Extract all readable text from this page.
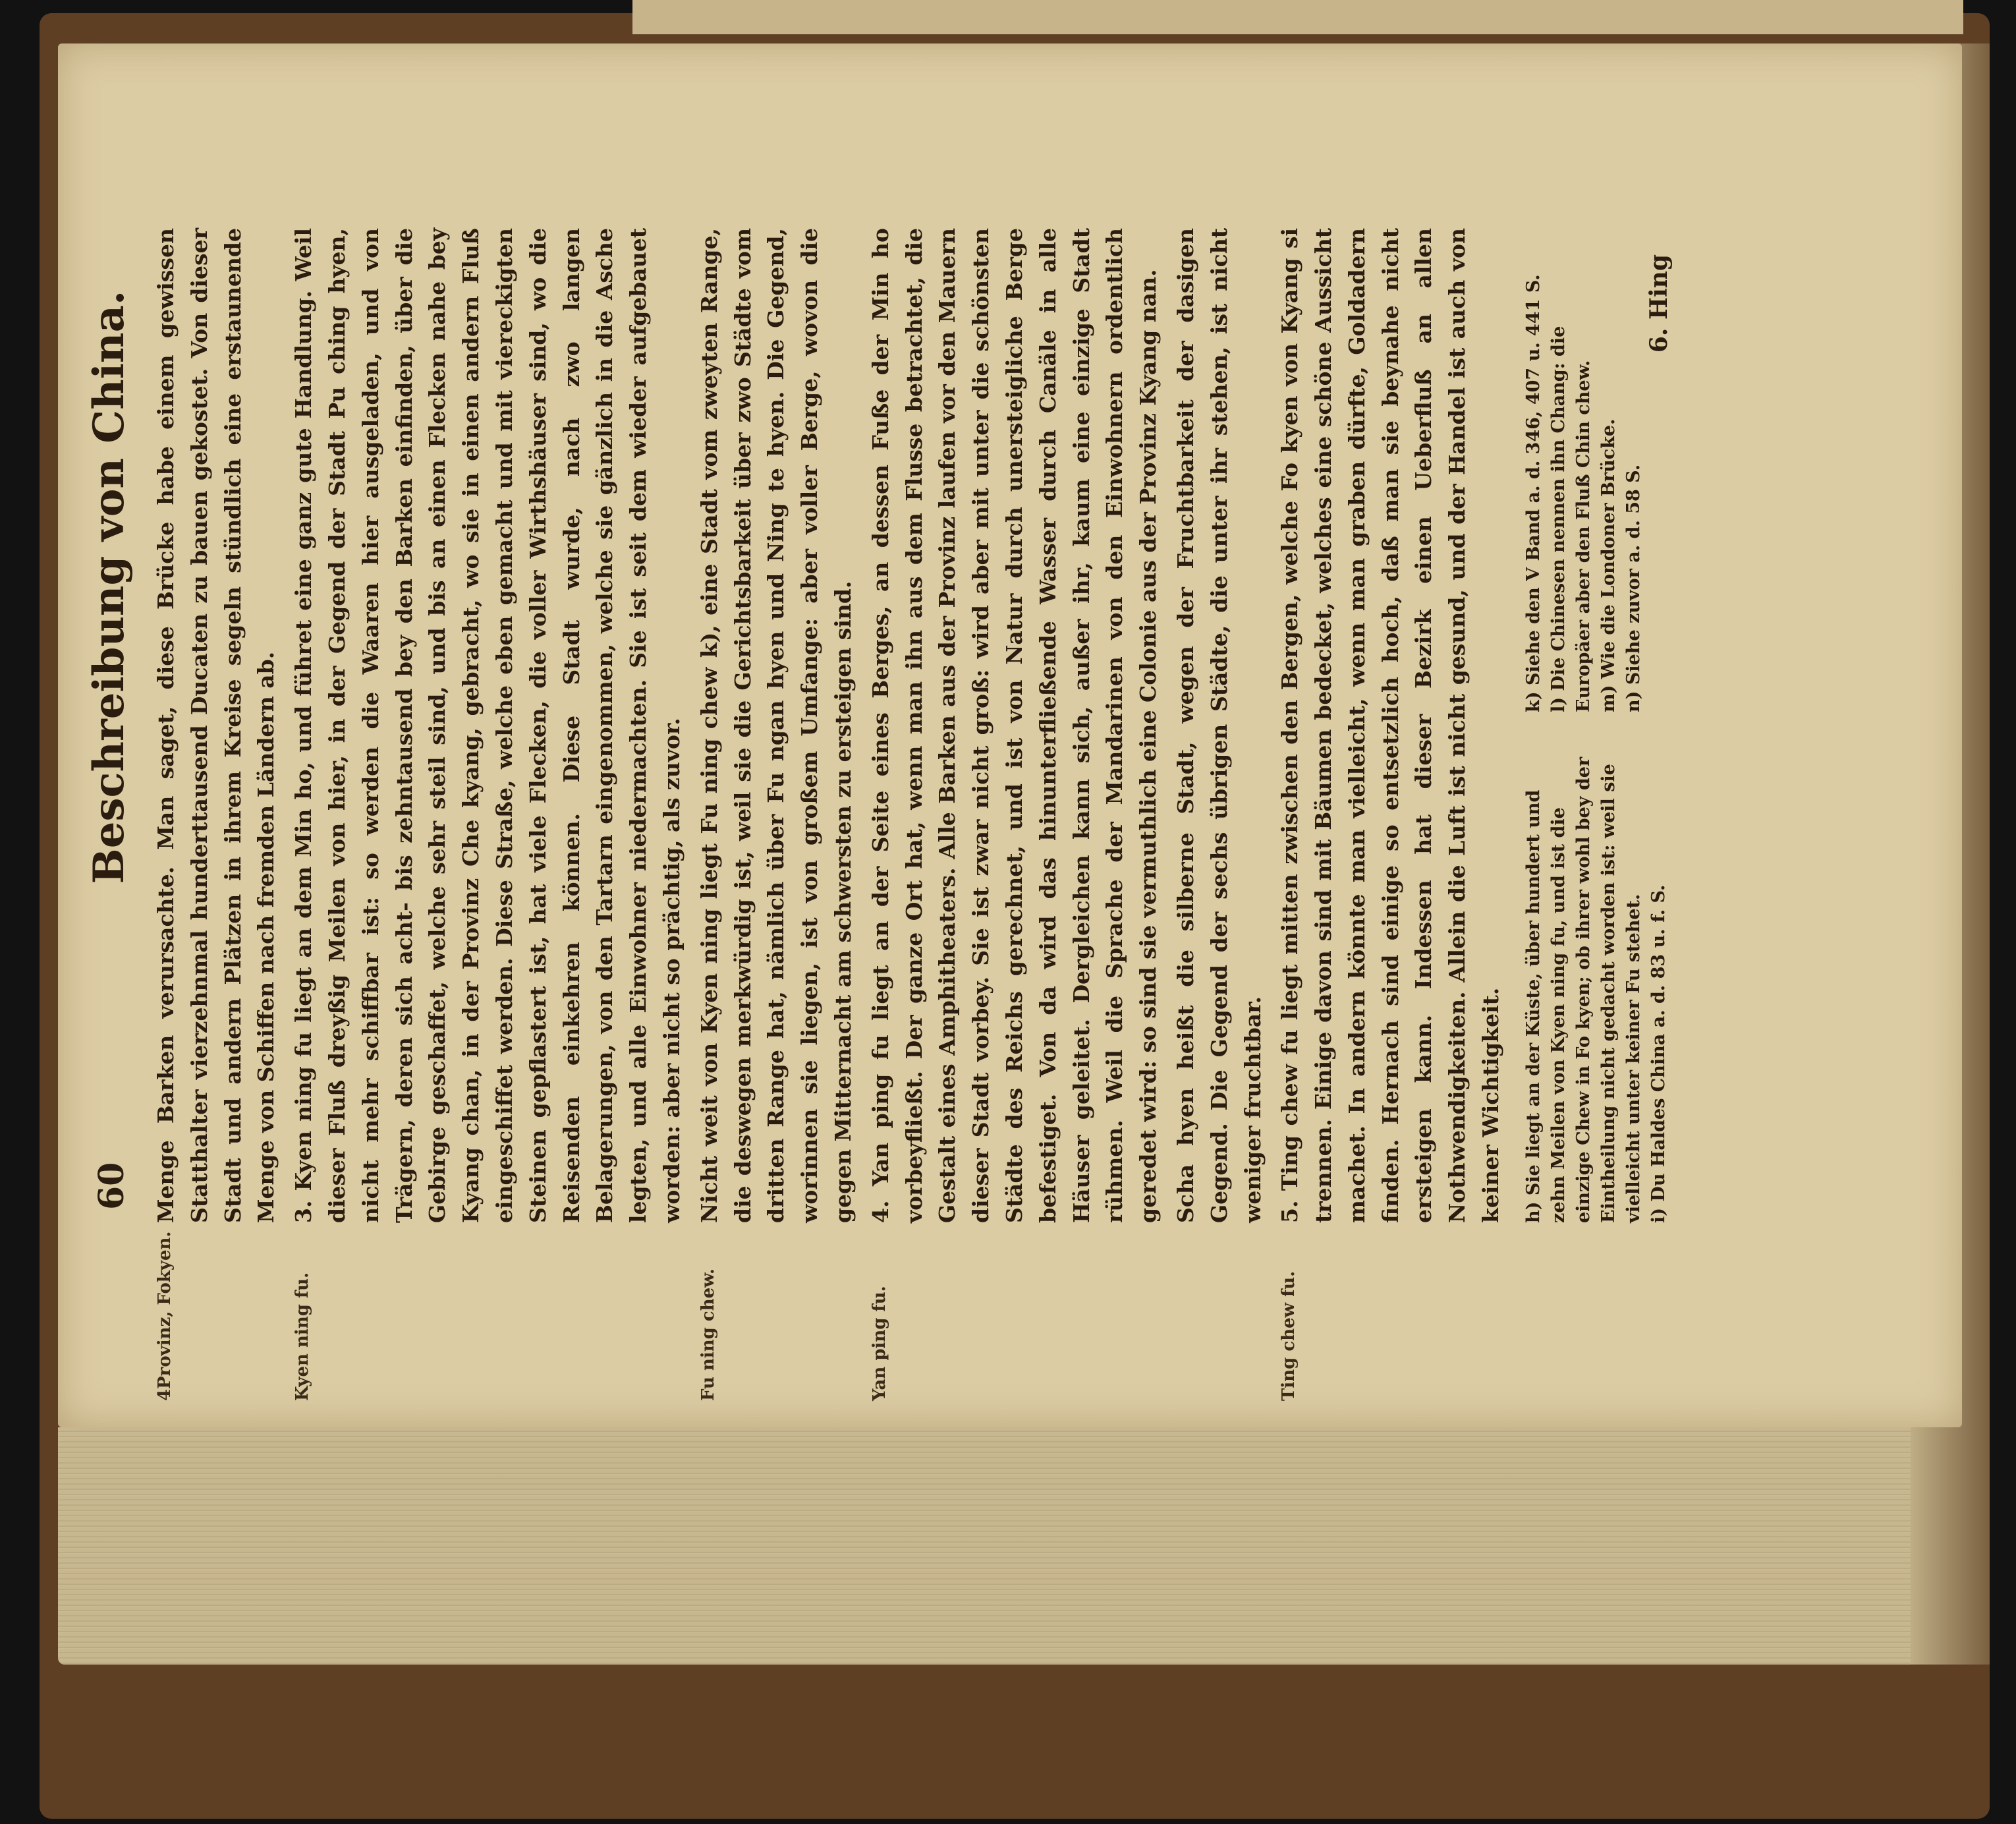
60
Beschreibung von China.
4Provinz, Fokyen.
Menge Barken verursachte. Man saget, diese Brücke habe einem gewissen Statthalter vierzehnmal hunderttausend Ducaten zu bauen gekostet. Von dieser Stadt und andern Plätzen in ihrem Kreise segeln stündlich eine erstaunende Menge von Schiffen nach fremden Ländern ab.
Kyen ning fu.
3. Kyen ning fu liegt an dem Min ho, und führet eine ganz gute Handlung. Weil dieser Fluß dreyßig Meilen von hier, in der Gegend der Stadt Pu ching hyen, nicht mehr schiffbar ist: so werden die Waaren hier ausgeladen, und von Trägern, deren sich acht- bis zehntausend bey den Barken einfinden, über die Gebirge geschaffet, welche sehr steil sind, und bis an einen Flecken nahe bey Kyang chan, in der Provinz Che kyang, gebracht, wo sie in einen andern Fluß eingeschiffet werden. Diese Straße, welche eben gemacht und mit viereckigten Steinen gepflastert ist, hat viele Flecken, die voller Wirthshäuser sind, wo die Reisenden einkehren können. Diese Stadt wurde, nach zwo langen Belagerungen, von den Tartarn eingenommen, welche sie gänzlich in die Asche legten, und alle Einwohner niedermachten. Sie ist seit dem wieder aufgebauet worden: aber nicht so prächtig, als zuvor.
Fu ning chew.
Nicht weit von Kyen ning liegt Fu ning chew k), eine Stadt vom zweyten Range, die deswegen merkwürdig ist, weil sie die Gerichtsbarkeit über zwo Städte vom dritten Range hat, nämlich über Fu ngan hyen und Ning te hyen. Die Gegend, worinnen sie liegen, ist von großem Umfange: aber voller Berge, wovon die gegen Mitternacht am schwersten zu ersteigen sind.
Yan ping fu.
4. Yan ping fu liegt an der Seite eines Berges, an dessen Fuße der Min ho vorbeyfließt. Der ganze Ort hat, wenn man ihn aus dem Flusse betrachtet, die Gestalt eines Amphitheaters. Alle Barken aus der Provinz laufen vor den Mauern dieser Stadt vorbey. Sie ist zwar nicht groß: wird aber mit unter die schönsten Städte des Reichs gerechnet, und ist von Natur durch unersteigliche Berge befestiget. Von da wird das hinunterfließende Wasser durch Canäle in alle Häuser geleitet. Dergleichen kann sich, außer ihr, kaum eine einzige Stadt rühmen. Weil die Sprache der Mandarinen von den Einwohnern ordentlich geredet wird: so sind sie vermuthlich eine Colonie aus der Provinz Kyang nan. Scha hyen heißt die silberne Stadt, wegen der Fruchtbarkeit der dasigen Gegend. Die Gegend der sechs übrigen Städte, die unter ihr stehen, ist nicht weniger fruchtbar.
Ting chew fu.
5. Ting chew fu liegt mitten zwischen den Bergen, welche Fo kyen von Kyang si trennen. Einige davon sind mit Bäumen bedecket, welches eine schöne Aussicht machet. In andern könnte man vielleicht, wenn man graben dürfte, Goldadern finden. Hernach sind einige so entsetzlich hoch, daß man sie beynahe nicht ersteigen kann. Indessen hat dieser Bezirk einen Ueberfluß an allen Nothwendigkeiten. Allein die Luft ist nicht gesund, und der Handel ist auch von keiner Wichtigkeit. h) Sie liegt an der Küste, über hundert und zehn Meilen von Kyen ning fu, und ist die einzige Chew in Fo kyen; ob ihrer wohl bey der Eintheilung nicht gedacht worden ist: weil sie vielleicht unter keiner Fu stehet. i) Du Haldes China a. d. 83 u. f. S.
k) Siehe den V Band a. d. 346, 407 u. 441 S. l) Die Chinesen nennen ihn Chang: die Europäer aber den Fluß Chin chew. m) Wie die Londoner Brücke. n) Siehe zuvor a. d. 58 S.
6. Hing
